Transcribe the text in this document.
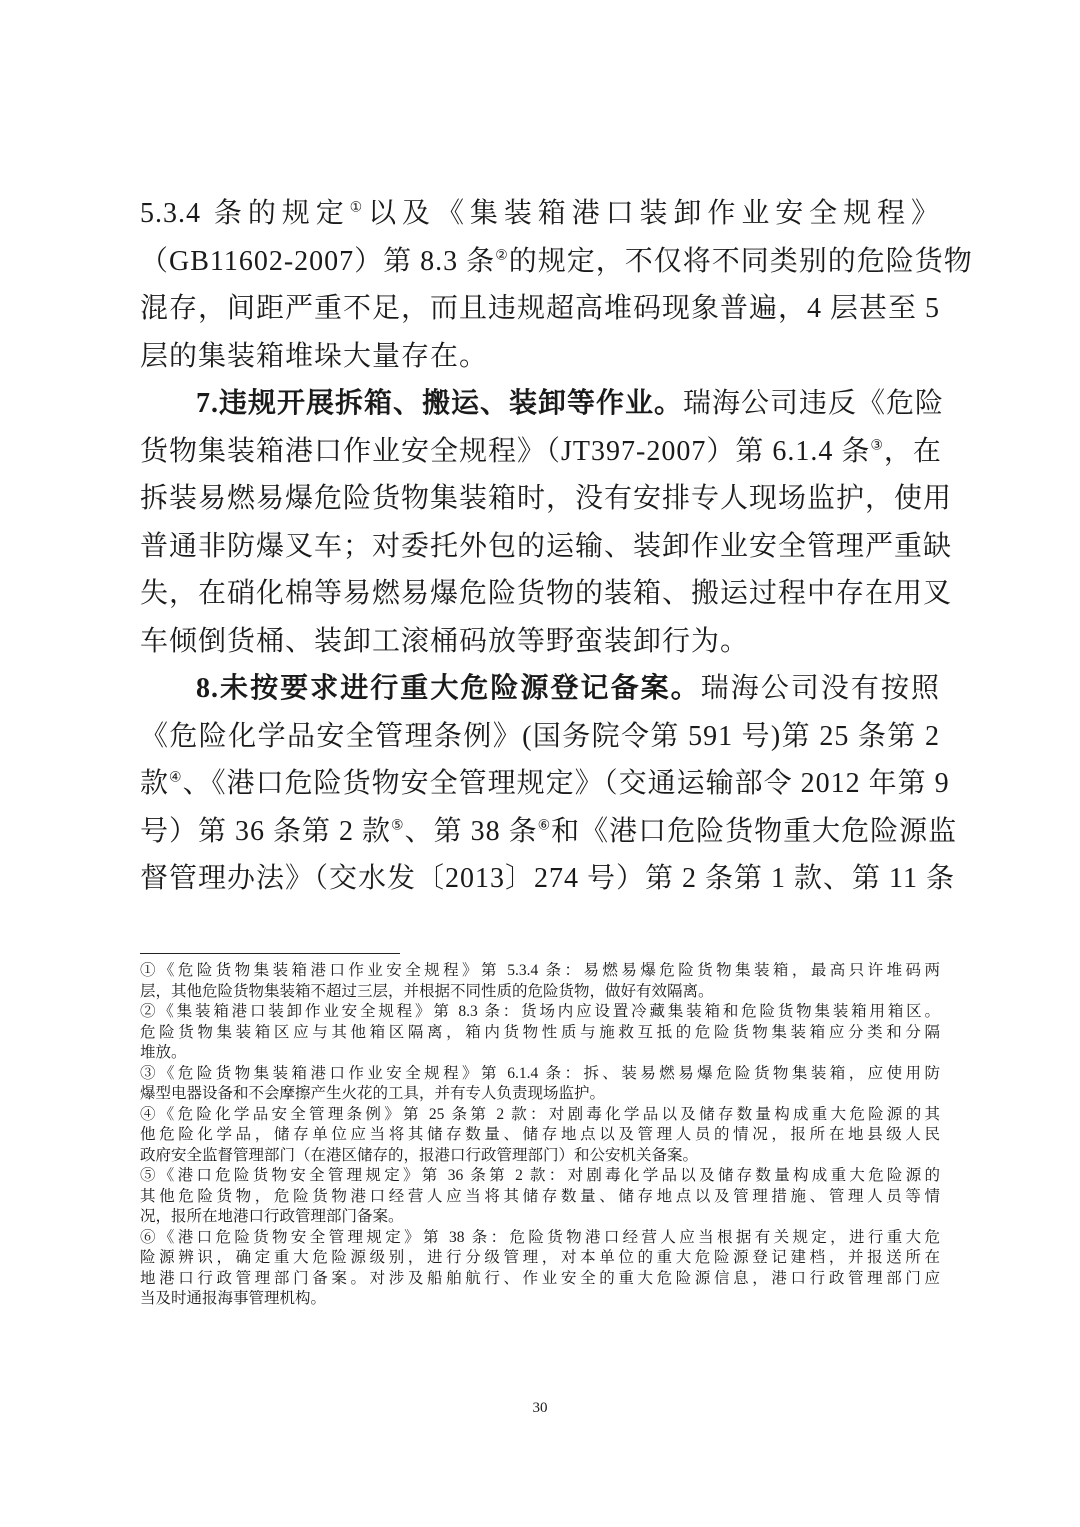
5.3.4 条的规定①以及《集装箱港口装卸作业安全规程》
（GB11602-2007）第 8.3 条②的规定，不仅将不同类别的危险货物
混存，间距严重不足，而且违规超高堆码现象普遍，4 层甚至 5
层的集装箱堆垛大量存在。
7.违规开展拆箱、搬运、装卸等作业。瑞海公司违反《危险
货物集装箱港口作业安全规程》（JT397-2007）第 6.1.4 条③，在
拆装易燃易爆危险货物集装箱时，没有安排专人现场监护，使用
普通非防爆叉车；对委托外包的运输、装卸作业安全管理严重缺
失，在硝化棉等易燃易爆危险货物的装箱、搬运过程中存在用叉
车倾倒货桶、装卸工滚桶码放等野蛮装卸行为。
8.未按要求进行重大危险源登记备案。瑞海公司没有按照
《危险化学品安全管理条例》(国务院令第 591 号)第 25 条第 2
款④、《港口危险货物安全管理规定》（交通运输部令 2012 年第 9
号）第 36 条第 2 款⑤、第 38 条⑥和《港口危险货物重大危险源监
督管理办法》（交水发〔2013〕274 号）第 2 条第 1 款、第 11 条
①《危险货物集装箱港口作业安全规程》第 5.3.4 条：易燃易爆危险货物集装箱，最高只许堆码两
层，其他危险货物集装箱不超过三层，并根据不同性质的危险货物，做好有效隔离。
②《集装箱港口装卸作业安全规程》第 8.3 条：货场内应设置冷藏集装箱和危险货物集装箱用箱区。
危险货物集装箱区应与其他箱区隔离，箱内货物性质与施救互抵的危险货物集装箱应分类和分隔
堆放。
③《危险货物集装箱港口作业安全规程》第 6.1.4 条：拆、装易燃易爆危险货物集装箱，应使用防
爆型电器设备和不会摩擦产生火花的工具，并有专人负责现场监护。
④《危险化学品安全管理条例》第 25 条第 2 款：对剧毒化学品以及储存数量构成重大危险源的其
他危险化学品，储存单位应当将其储存数量、储存地点以及管理人员的情况，报所在地县级人民
政府安全监督管理部门（在港区储存的，报港口行政管理部门）和公安机关备案。
⑤《港口危险货物安全管理规定》第 36 条第 2 款：对剧毒化学品以及储存数量构成重大危险源的
其他危险货物，危险货物港口经营人应当将其储存数量、储存地点以及管理措施、管理人员等情
况，报所在地港口行政管理部门备案。
⑥《港口危险货物安全管理规定》第 38 条：危险货物港口经营人应当根据有关规定，进行重大危
险源辨识，确定重大危险源级别，进行分级管理，对本单位的重大危险源登记建档，并报送所在
地港口行政管理部门备案。对涉及船舶航行、作业安全的重大危险源信息，港口行政管理部门应
当及时通报海事管理机构。
30
